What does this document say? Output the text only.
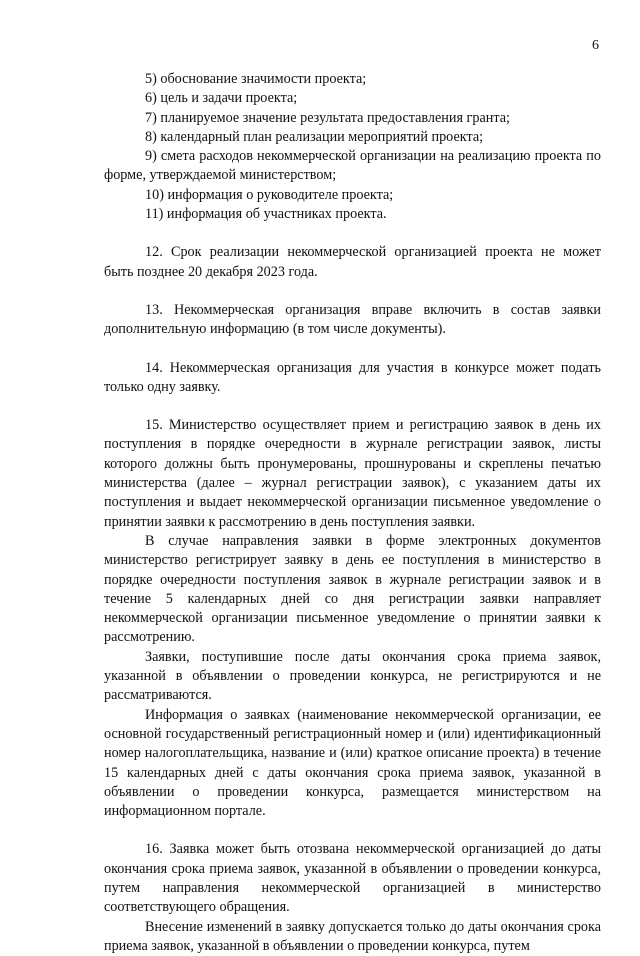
6

5) обоснование значимости проекта;

6) цель и задачи проекта;

7) планируемое значение результата предоставления гранта;

8) календарный план реализации мероприятий проекта;

9) смета расходов некоммерческой организации на реализацию проекта по форме, утверждаемой министерством;

10) информация о руководителе проекта;

11) информация об участниках проекта.

12. Срок реализации некоммерческой организацией проекта не может быть позднее 20 декабря 2023 года.

13. Некоммерческая организация вправе включить в состав заявки дополнительную информацию (в том числе документы).

14. Некоммерческая организация для участия в конкурсе может подать только одну заявку.

15. Министерство осуществляет прием и регистрацию заявок в день их поступления в порядке очередности в журнале регистрации заявок, листы которого должны быть пронумерованы, прошнурованы и скреплены печатью министерства (далее – журнал регистрации заявок), с указанием даты их поступления и выдает некоммерческой организации письменное уведомление о принятии заявки к рассмотрению в день поступления заявки.

В случае направления заявки в форме электронных документов министерство регистрирует заявку в день ее поступления в министерство в порядке очередности поступления заявок в журнале регистрации заявок и в течение 5 календарных дней со дня регистрации заявки направляет некоммерческой организации письменное уведомление о принятии заявки к рассмотрению.

Заявки, поступившие после даты окончания срока приема заявок, указанной в объявлении о проведении конкурса, не регистрируются и не рассматриваются.

Информация о заявках (наименование некоммерческой организации, ее основной государственный регистрационный номер и (или) идентификационный номер налогоплательщика, название и (или) краткое описание проекта) в течение 15 календарных дней с даты окончания срока приема заявок, указанной в объявлении о проведении конкурса, размещается министерством на информационном портале.

16. Заявка может быть отозвана некоммерческой организацией до даты окончания срока приема заявок, указанной в объявлении о проведении конкурса, путем направления некоммерческой организацией в министерство соответствующего обращения.

Внесение изменений в заявку допускается только до даты окончания срока приема заявок, указанной в объявлении о проведении конкурса, путем
